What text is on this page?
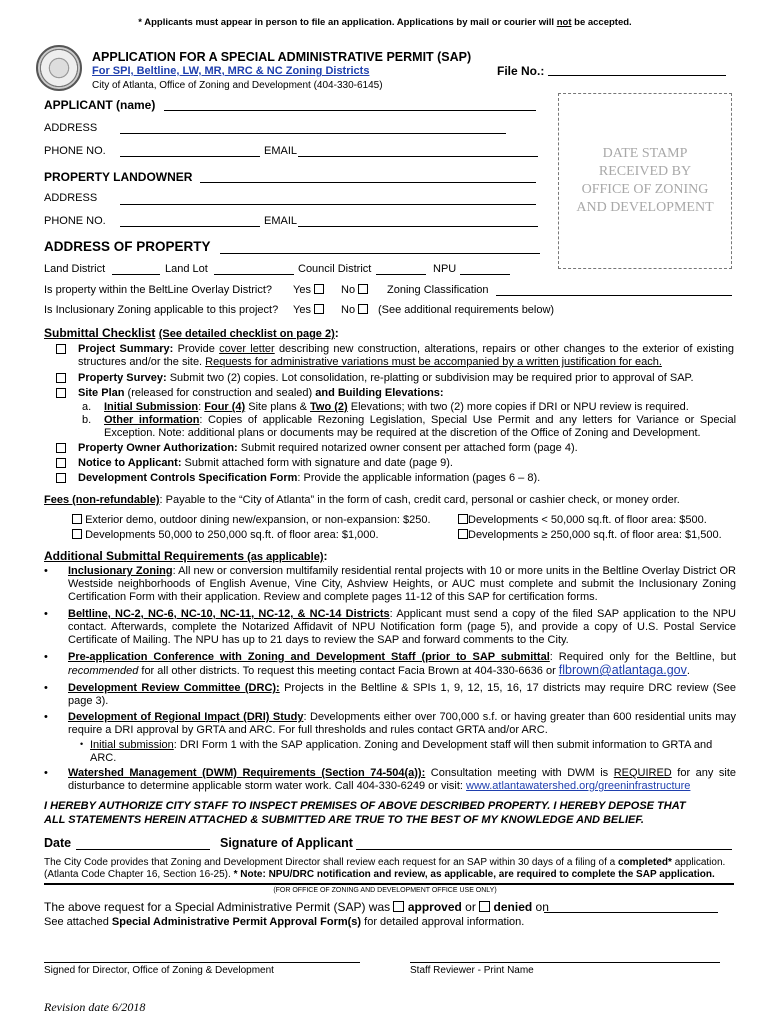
* Applicants must appear in person to file an application. Applications by mail or courier will not be accepted.
APPLICATION FOR A SPECIAL ADMINISTRATIVE PERMIT (SAP)
For SPI, Beltline, LW, MR, MRC & NC Zoning Districts
City of Atlanta, Office of Zoning and Development (404-330-6145)
File No.:
DATE STAMP
RECEIVED BY
OFFICE OF ZONING
AND DEVELOPMENT
APPLICANT (name)
ADDRESS
PHONE NO.	EMAIL
PROPERTY LANDOWNER
ADDRESS
PHONE NO.	EMAIL
ADDRESS OF PROPERTY
Land District	Land Lot	Council District	NPU
Is property within the BeltLine Overlay District? Yes	No	Zoning Classification
Is Inclusionary Zoning applicable to this project? Yes	No	(See additional requirements below)
Submittal Checklist (See detailed checklist on page 2):
Project Summary: Provide cover letter describing new construction, alterations, repairs or other changes to the exterior of existing structures and/or the site. Requests for administrative variations must be accompanied by a written justification for each.
Property Survey: Submit two (2) copies. Lot consolidation, re-platting or subdivision may be required prior to approval of SAP.
Site Plan (released for construction and sealed) and Building Elevations:
a. Initial Submission: Four (4) Site plans & Two (2) Elevations; with two (2) more copies if DRI or NPU review is required.
b. Other information: Copies of applicable Rezoning Legislation, Special Use Permit and any letters for Variance or Special Exception. Note: additional plans or documents may be required at the discretion of the Office of Zoning and Development.
Property Owner Authorization: Submit required notarized owner consent per attached form (page 4).
Notice to Applicant: Submit attached form with signature and date (page 9).
Development Controls Specification Form: Provide the applicable information (pages 6 – 8).
Fees (non-refundable): Payable to the “City of Atlanta” in the form of cash, credit card, personal or cashier check, or money order.
Exterior demo, outdoor dining new/expansion, or non-expansion: $250.	Developments < 50,000 sq.ft. of floor area: $500.
Developments 50,000 to 250,000 sq.ft. of floor area: $1,000.	Developments ≥ 250,000 sq.ft. of floor area: $1,500.
Additional Submittal Requirements (as applicable):
• Inclusionary Zoning: All new or conversion multifamily residential rental projects with 10 or more units in the Beltline Overlay District OR Westside neighborhoods of English Avenue, Vine City, Ashview Heights, or AUC must complete and submit the Inclusionary Zoning Certification Form with their application. Review and complete pages 11-12 of this SAP for certification forms.
• Beltline, NC-2, NC-6, NC-10, NC-11, NC-12, & NC-14 Districts: Applicant must send a copy of the filed SAP application to the NPU contact. Afterwards, complete the Notarized Affidavit of NPU Notification form (page 5), and provide a copy of U.S. Postal Service Certificate of Mailing. The NPU has up to 21 days to review the SAP and forward comments to the City.
• Pre-application Conference with Zoning and Development Staff (prior to SAP submittal: Required only for the Beltline, but recommended for all other districts. To request this meeting contact Facia Brown at 404-330-6636 or flbrown@atlantaga.gov.
• Development Review Committee (DRC): Projects in the Beltline & SPIs 1, 9, 12, 15, 16, 17 districts may require DRC review (See page 3).
• Development of Regional Impact (DRI) Study: Developments either over 700,000 s.f. or having greater than 600 residential units may require a DRI approval by GRTA and ARC. For full thresholds and rules contact GRTA and/or ARC.
• Initial submission: DRI Form 1 with the SAP application. Zoning and Development staff will then submit information to GRTA and ARC.
• Watershed Management (DWM) Requirements (Section 74-504(a)): Consultation meeting with DWM is REQUIRED for any site disturbance to determine applicable storm water work. Call 404-330-6249 or visit: www.atlantawatershed.org/greeninfrastructure
I HEREBY AUTHORIZE CITY STAFF TO INSPECT PREMISES OF ABOVE DESCRIBED PROPERTY. I HEREBY DEPOSE THAT
ALL STATEMENTS HEREIN ATTACHED & SUBMITTED ARE TRUE TO THE BEST OF MY KNOWLEDGE AND BELIEF.
Date	Signature of Applicant
The City Code provides that Zoning and Development Director shall review each request for an SAP within 30 days of a filing of a completed* application.
(Atlanta Code Chapter 16, Section 16-25). * Note: NPU/DRC notification and review, as applicable, are required to complete the SAP application.
(FOR OFFICE OF ZONING AND DEVELOPMENT OFFICE USE ONLY)
The above request for a Special Administrative Permit (SAP) was  approved or  denied on
See attached Special Administrative Permit Approval Form(s) for detailed approval information.
Signed for Director, Office of Zoning & Development	Staff Reviewer - Print Name
Revision date 6/2018
